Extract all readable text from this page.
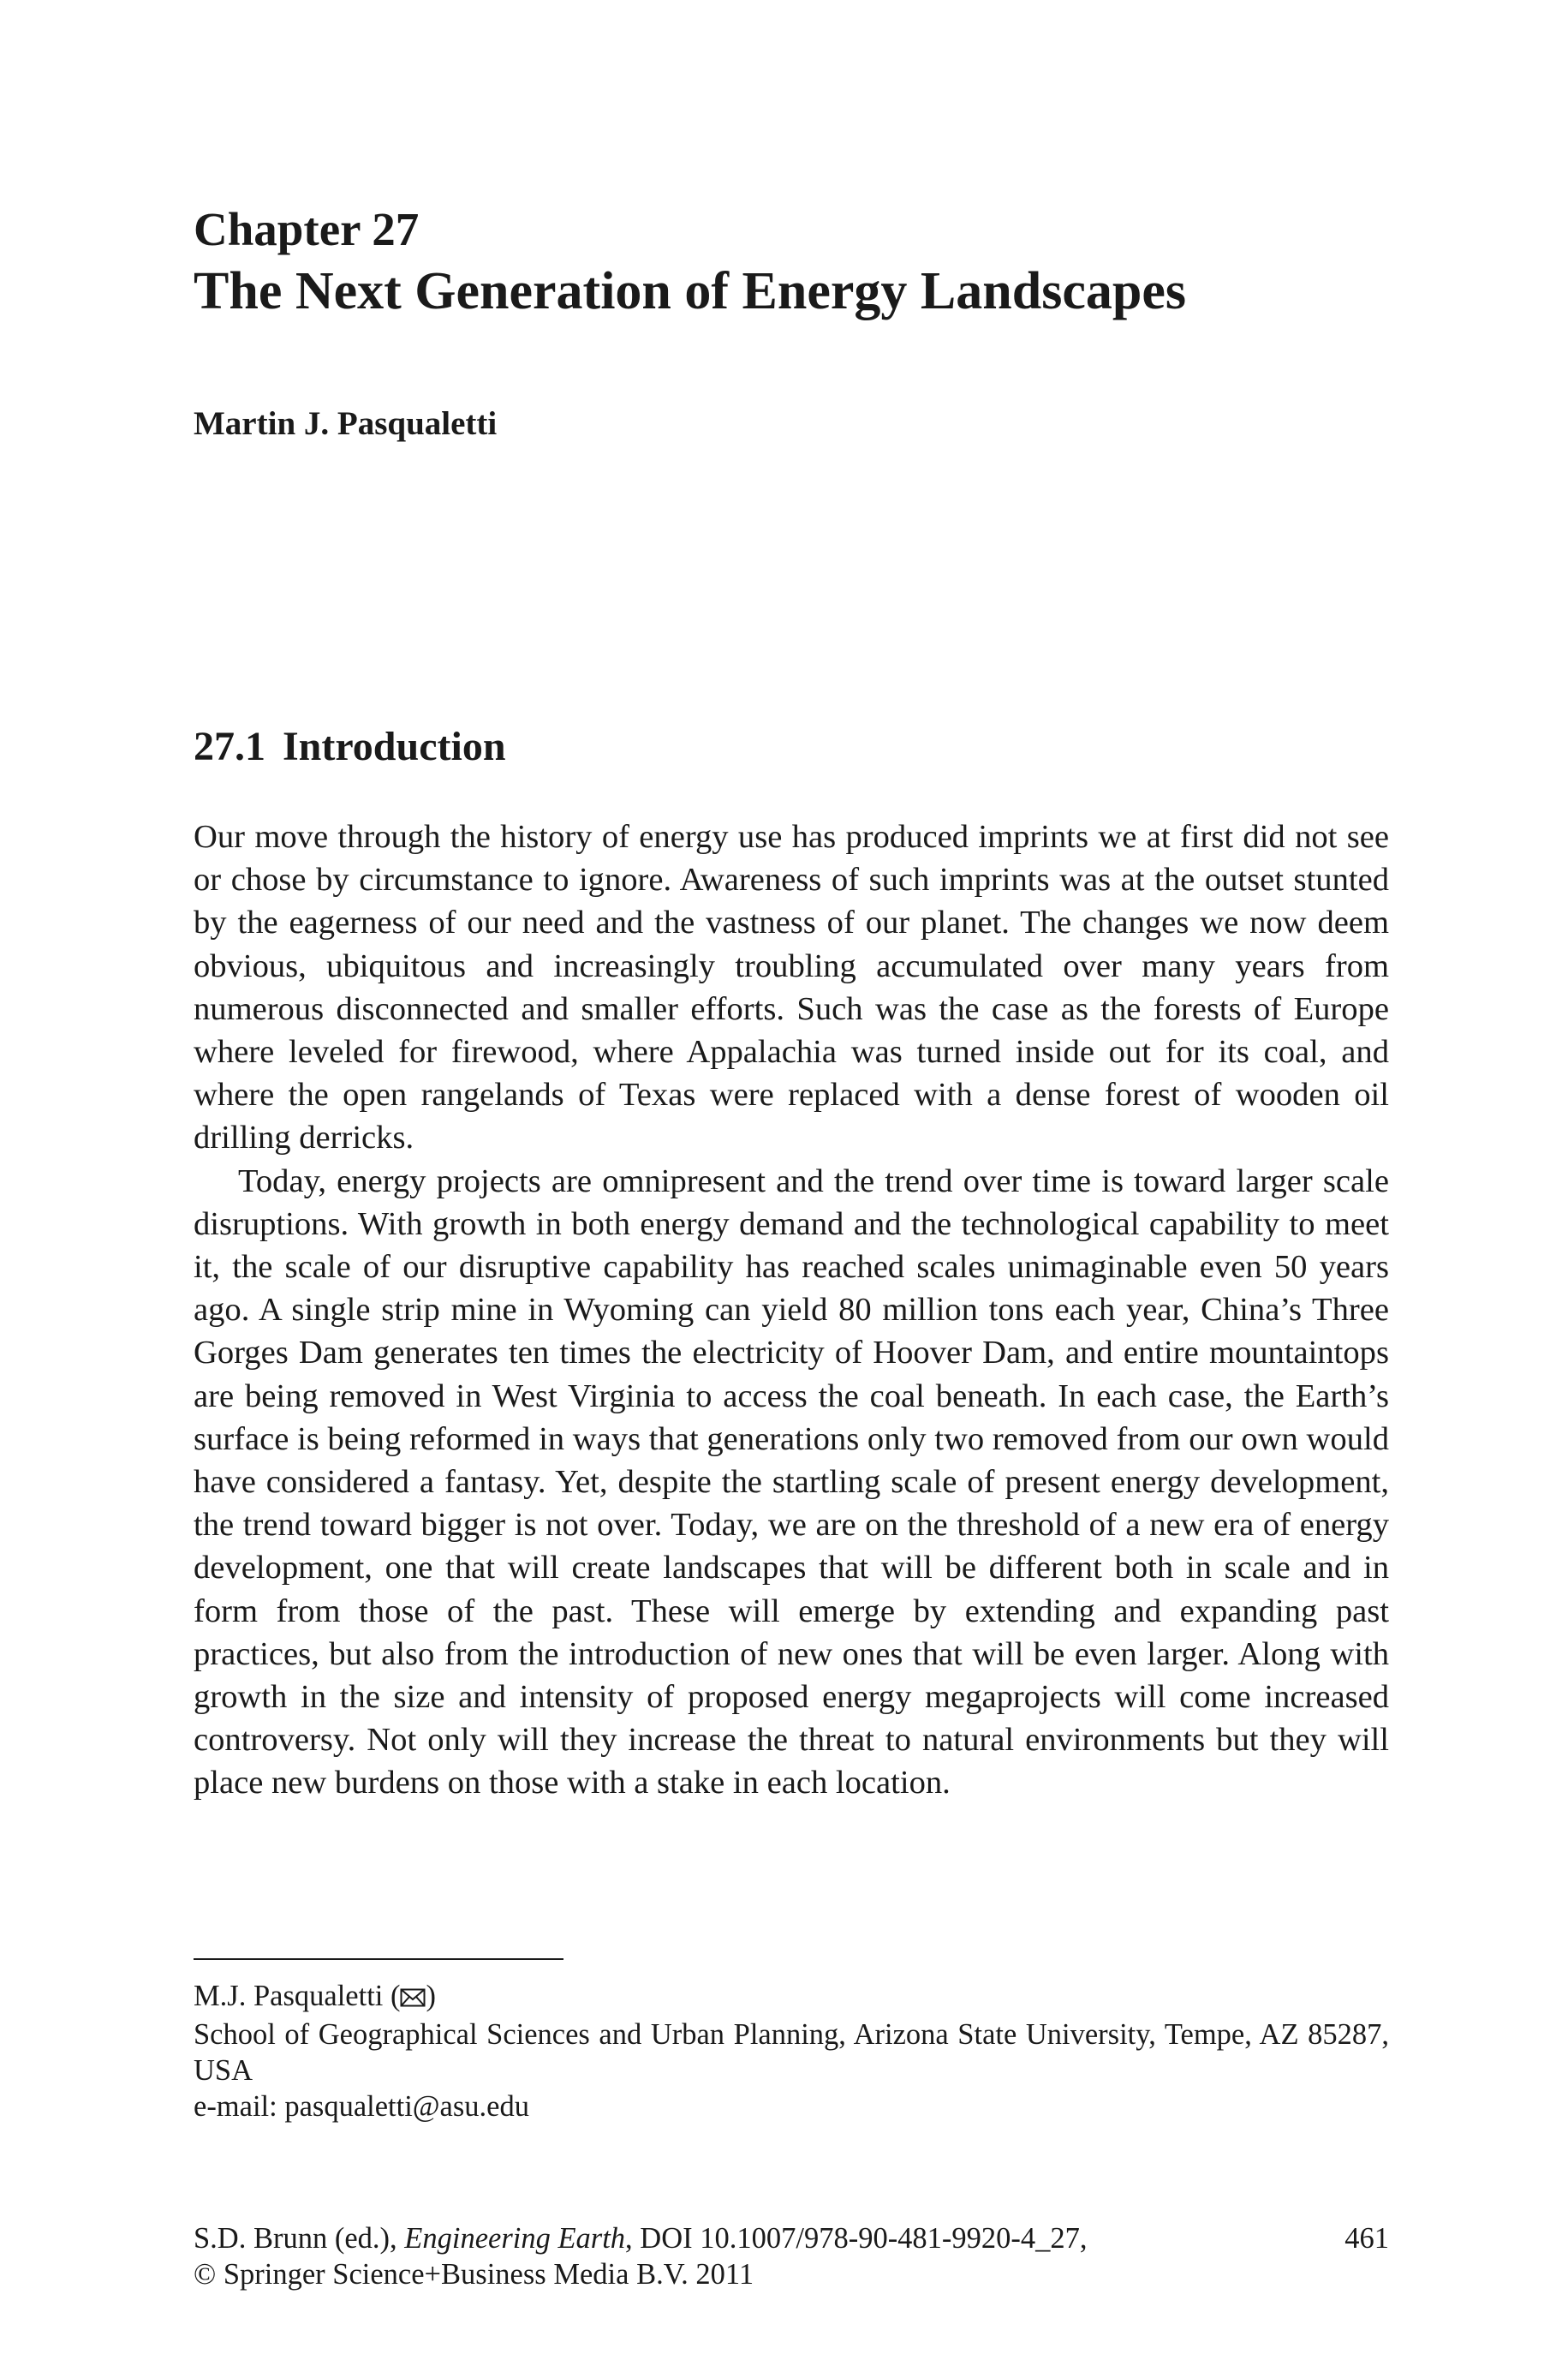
Chapter 27
The Next Generation of Energy Landscapes
Martin J. Pasqualetti
27.1 Introduction

Our move through the history of energy use has produced imprints we at first did not see or chose by circumstance to ignore. Awareness of such imprints was at the outset stunted by the eagerness of our need and the vastness of our planet. The changes we now deem obvious, ubiquitous and increasingly troubling accumulated over many years from numerous disconnected and smaller efforts. Such was the case as the forests of Europe where leveled for firewood, where Appalachia was turned inside out for its coal, and where the open rangelands of Texas were replaced with a dense forest of wooden oil drilling derricks.

Today, energy projects are omnipresent and the trend over time is toward larger scale disruptions. With growth in both energy demand and the technological capability to meet it, the scale of our disruptive capability has reached scales unimaginable even 50 years ago. A single strip mine in Wyoming can yield 80 million tons each year, China’s Three Gorges Dam generates ten times the electricity of Hoover Dam, and entire mountaintops are being removed in West Virginia to access the coal beneath. In each case, the Earth’s surface is being reformed in ways that generations only two removed from our own would have considered a fantasy. Yet, despite the startling scale of present energy development, the trend toward bigger is not over. Today, we are on the threshold of a new era of energy development, one that will create landscapes that will be different both in scale and in form from those of the past. These will emerge by extending and expanding past practices, but also from the introduction of new ones that will be even larger. Along with growth in the size and intensity of proposed energy megaprojects will come increased controversy. Not only will they increase the threat to natural environments but they will place new burdens on those with a stake in each location.

M.J. Pasqualetti ( )
School of Geographical Sciences and Urban Planning, Arizona State University, Tempe, AZ 85287, USA
e-mail: pasqualetti@asu.edu
S.D. Brunn (ed.), Engineering Earth, DOI 10.1007/978-90-481-9920-4_27,
© Springer Science+Business Media B.V. 2011
461
